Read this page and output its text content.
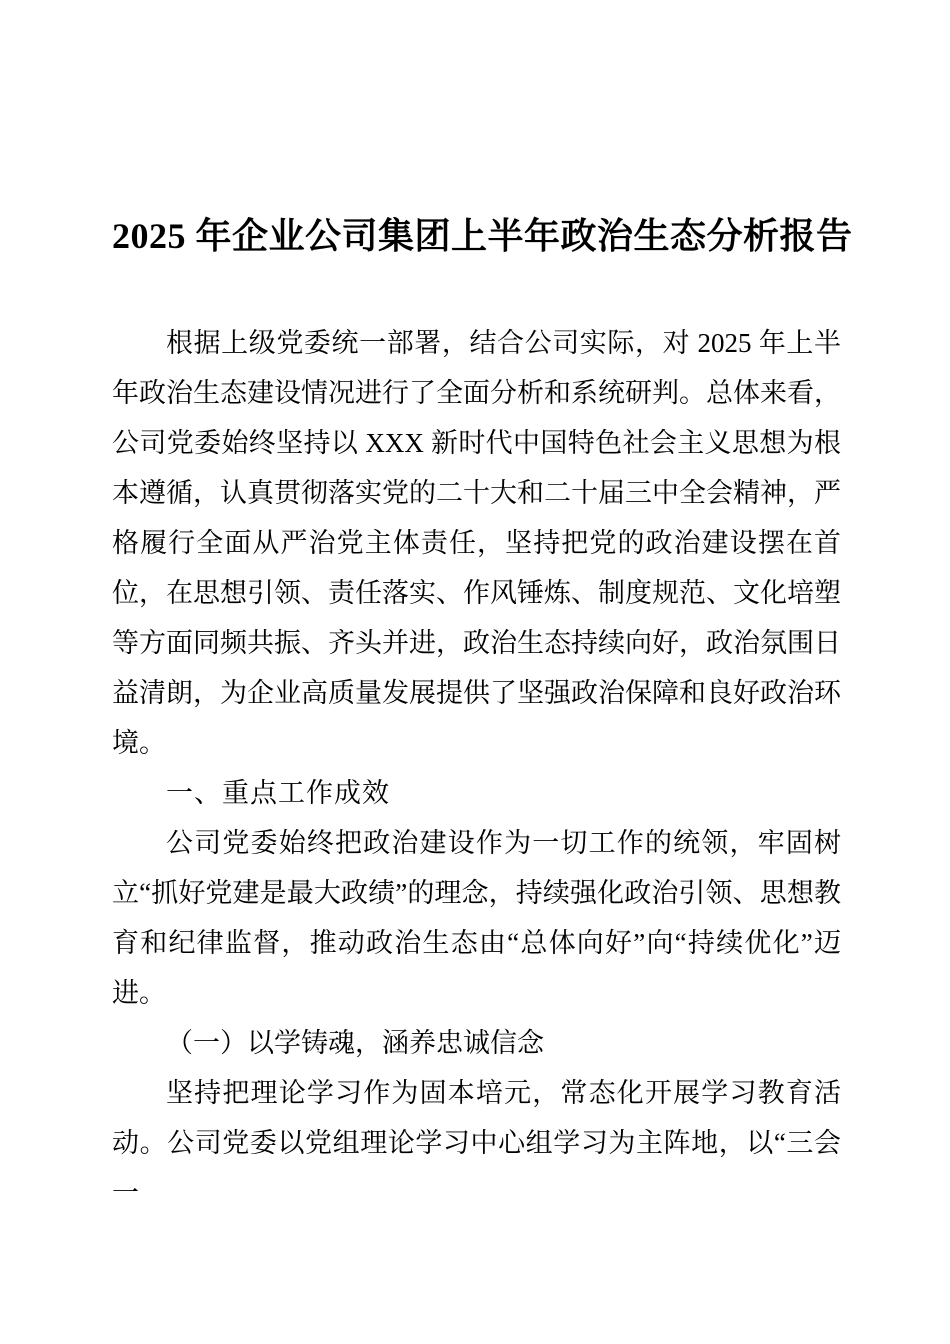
2025 年企业公司集团上半年政治生态分析报告

根据上级党委统一部署，结合公司实际，对 2025 年上半年政治生态建设情况进行了全面分析和系统研判。总体来看，公司党委始终坚持以 XXX 新时代中国特色社会主义思想为根本遵循，认真贯彻落实党的二十大和二十届三中全会精神，严格履行全面从严治党主体责任，坚持把党的政治建设摆在首位，在思想引领、责任落实、作风锤炼、制度规范、文化培塑等方面同频共振、齐头并进，政治生态持续向好，政治氛围日益清朗，为企业高质量发展提供了坚强政治保障和良好政治环境。

一、重点工作成效

公司党委始终把政治建设作为一切工作的统领，牢固树立“抓好党建是最大政绩”的理念，持续强化政治引领、思想教育和纪律监督，推动政治生态由“总体向好”向“持续优化”迈进。

（一）以学铸魂，涵养忠诚信念

坚持把理论学习作为固本培元，常态化开展学习教育活动。公司党委以党组理论学习中心组学习为主阵地，以“三会一
